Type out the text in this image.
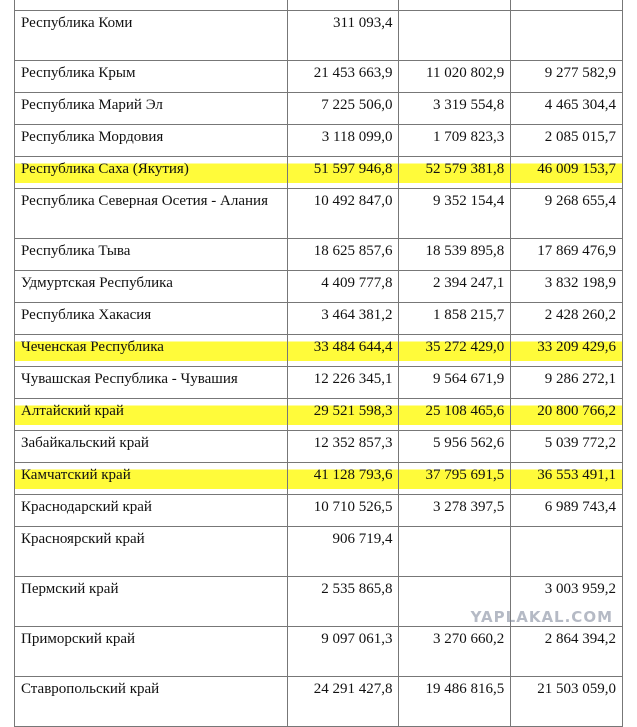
Республика Коми	311 093,4		
Республика Крым	21 453 663,9	11 020 802,9	9 277 582,9
Республика Марий Эл	7 225 506,0	3 319 554,8	4 465 304,4
Республика Мордовия	3 118 099,0	1 709 823,3	2 085 015,7
Республика Саха (Якутия)	51 597 946,8	52 579 381,8	46 009 153,7
Республика Северная Осетия - Алания	10 492 847,0	9 352 154,4	9 268 655,4
Республика Тыва	18 625 857,6	18 539 895,8	17 869 476,9
Удмуртская Республика	4 409 777,8	2 394 247,1	3 832 198,9
Республика Хакасия	3 464 381,2	1 858 215,7	2 428 260,2
Чеченская Республика	33 484 644,4	35 272 429,0	33 209 429,6
Чувашская Республика - Чувашия	12 226 345,1	9 564 671,9	9 286 272,1
Алтайский край	29 521 598,3	25 108 465,6	20 800 766,2
Забайкальский край	12 352 857,3	5 956 562,6	5 039 772,2
Камчатский край	41 128 793,6	37 795 691,5	36 553 491,1
Краснодарский край	10 710 526,5	3 278 397,5	6 989 743,4
Красноярский край	906 719,4		
Пермский край	2 535 865,8		3 003 959,2
Приморский край	9 097 061,3	3 270 660,2	2 864 394,2
Ставропольский край	24 291 427,8	19 486 816,5	21 503 059,0
YAPLAKAL.COM
